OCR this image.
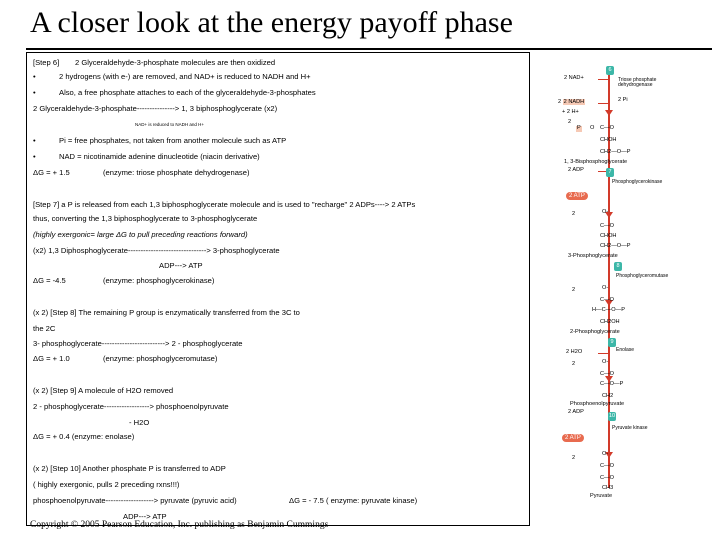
A closer look at the energy payoff phase
[Step 6] 2 Glyceraldehyde-3-phosphate molecules are then oxidized
•	2 hydrogens (with e-) are removed, and NAD+ is reduced to NADH and H+
•	Also, a free phosphate attaches to each of the glyceraldehyde-3-phosphates
2 Glyceraldehyde-3-phosphate---------------> 1, 3 biphosphoglycerate (x2)
NAD+ is reduced to NADH and H+
•	Pi = free phosphates, not taken from another molecule such as ATP
•	NAD = nicotinamide adenine dinucleotide (niacin derivative)
ΔG = + 1.5	(enzyme: triose phosphate dehydrogenase)
[Step 7] a P is released from each 1,3 biphosphoglycerate molecule and is used to "recharge" 2 ADPs----> 2 ATPs
thus, converting the 1,3 biphosphoglycerate to 3-phosphoglycerate
(highly exergonic= large ΔG to pull preceding reactions forward)
(x2) 1,3 Diphosphoglycerate-------------------------------> 3-phosphoglycerate
ADP---> ATP
ΔG = -4.5	(enzyme: phosphoglycerokinase)
(x 2) [Step 8] The remaining P group is enzymatically transferred from the 3C to
the 2C
3- phosphoglycerate-------------------------> 2 - phosphoglycerate
ΔG = + 1.0	(enzyme: phosphoglyceromutase)
(x 2) [Step 9] A molecule of H2O removed
2 - phosphoglycerate------------------> phosphoenolpyruvate
- H2O
ΔG = + 0.4 (enzyme: enolase)
(x 2) [Step 10] Another phosphate P is transferred to ADP
( highly exergonic, pulls 2 preceding rxns!!!)
phosphoenolpyruvate-------------------> pyruvate (pyruvic acid)	ΔG = - 7.5 ( enzyme: pyruvate kinase)
ADP---> ATP
2 NAD+
6
Triose phosphate
dehydrogenase
2 2 NADH
+ 2 H+
2 Pi
2
P O C—O
CHOH
CH2—O—P
1, 3-Bisphosphoglycerate
2 ADP	7
Phosphoglycerokinase
2 ATP
2	O-
C—O
CHOH
CH2—O—P
3-Phosphoglycerate
8
Phosphoglyceromutase
2	O-
C—O
H—C—O—P
CH2OH
2-Phosphoglycerate
9
2 H2O	Enolase
2	O-
C—O
C—O—P
CH2
Phosphoenolpyruvate
2 ADP
10
Pyruvate kinase
2 ATP
2
O-
C—O
C—O
CH3
Pyruvate
Copyright © 2005 Pearson Education, Inc. publishing as Benjamin Cummings
